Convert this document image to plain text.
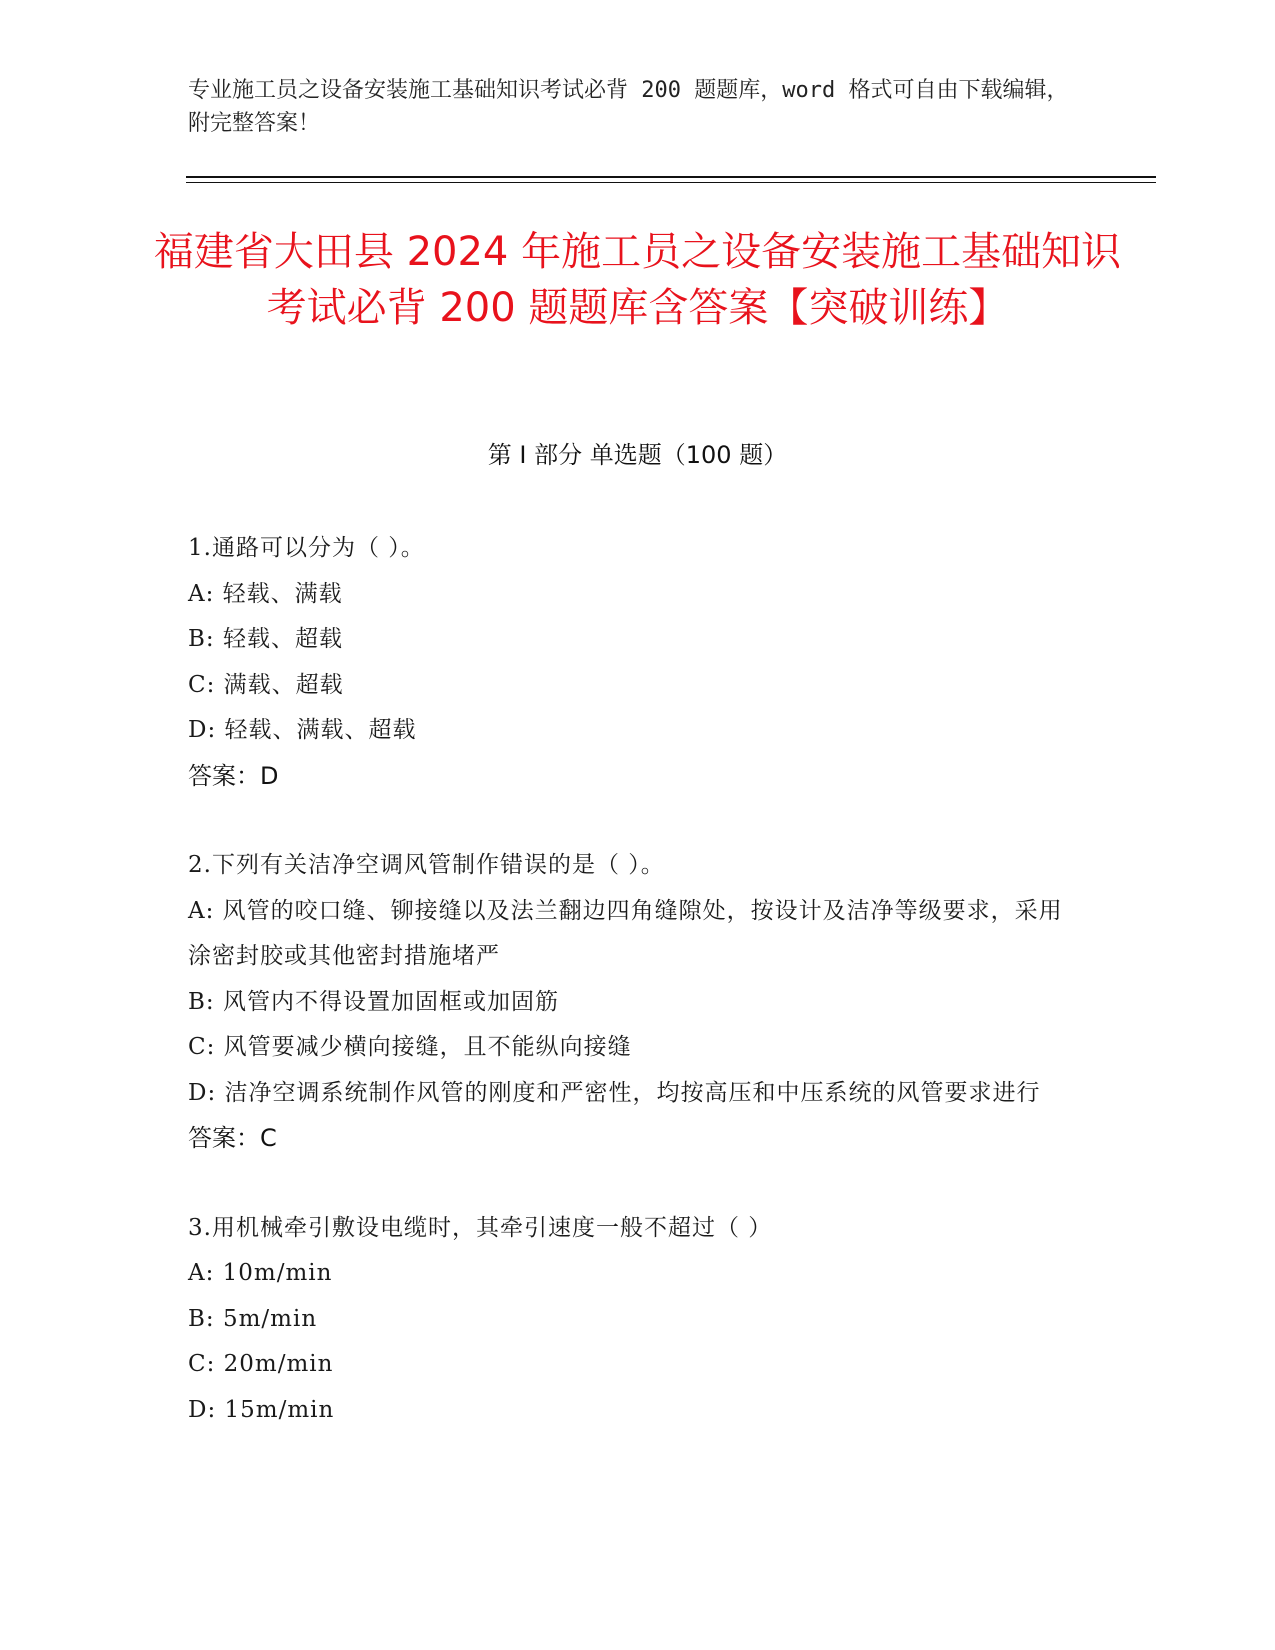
专业施工员之设备安装施工基础知识考试必背 200 题题库，word 格式可自由下载编辑，附完整答案！
福建省大田县 2024 年施工员之设备安装施工基础知识考试必背 200 题题库含答案【突破训练】
第 I 部分 单选题（100 题）
1.通路可以分为（ ）。
A: 轻载、满载
B: 轻载、超载
C: 满载、超载
D: 轻载、满载、超载
答案：D
2.下列有关洁净空调风管制作错误的是（ ）。
A: 风管的咬口缝、铆接缝以及法兰翻边四角缝隙处，按设计及洁净等级要求，采用涂密封胶或其他密封措施堵严
B: 风管内不得设置加固框或加固筋
C: 风管要减少横向接缝，且不能纵向接缝
D: 洁净空调系统制作风管的刚度和严密性，均按高压和中压系统的风管要求进行
答案：C
3.用机械牵引敷设电缆时，其牵引速度一般不超过（ ）
A: 10m/min
B: 5m/min
C: 20m/min
D: 15m/min
